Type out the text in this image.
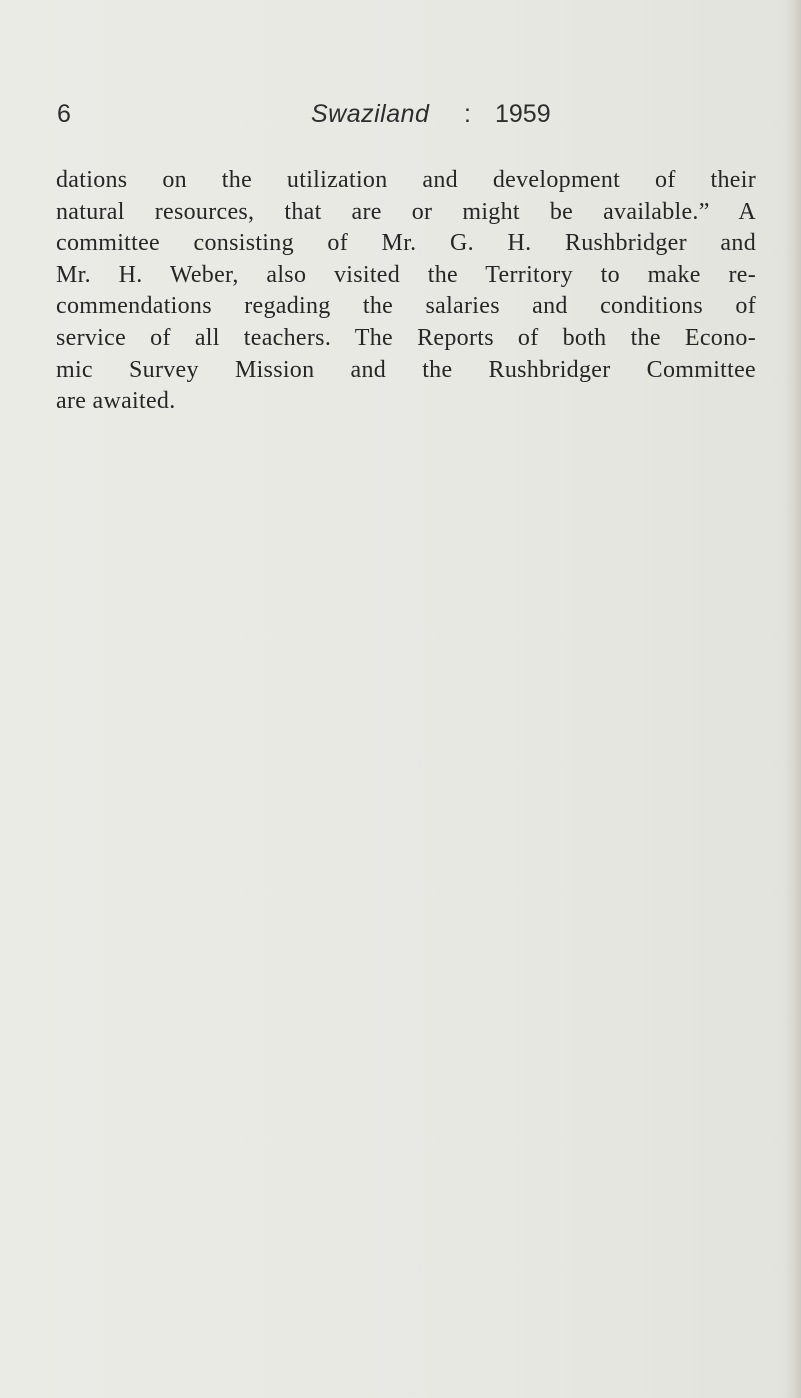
6	Swaziland : 1959
dations on the utilization and development of their
natural resources, that are or might be available.” A
committee consisting of Mr. G. H. Rushbridger and
Mr. H. Weber, also visited the Territory to make re-
commendations regading the salaries and conditions of
service of all teachers. The Reports of both the Econo-
mic Survey Mission and the Rushbridger Committee
are awaited.
